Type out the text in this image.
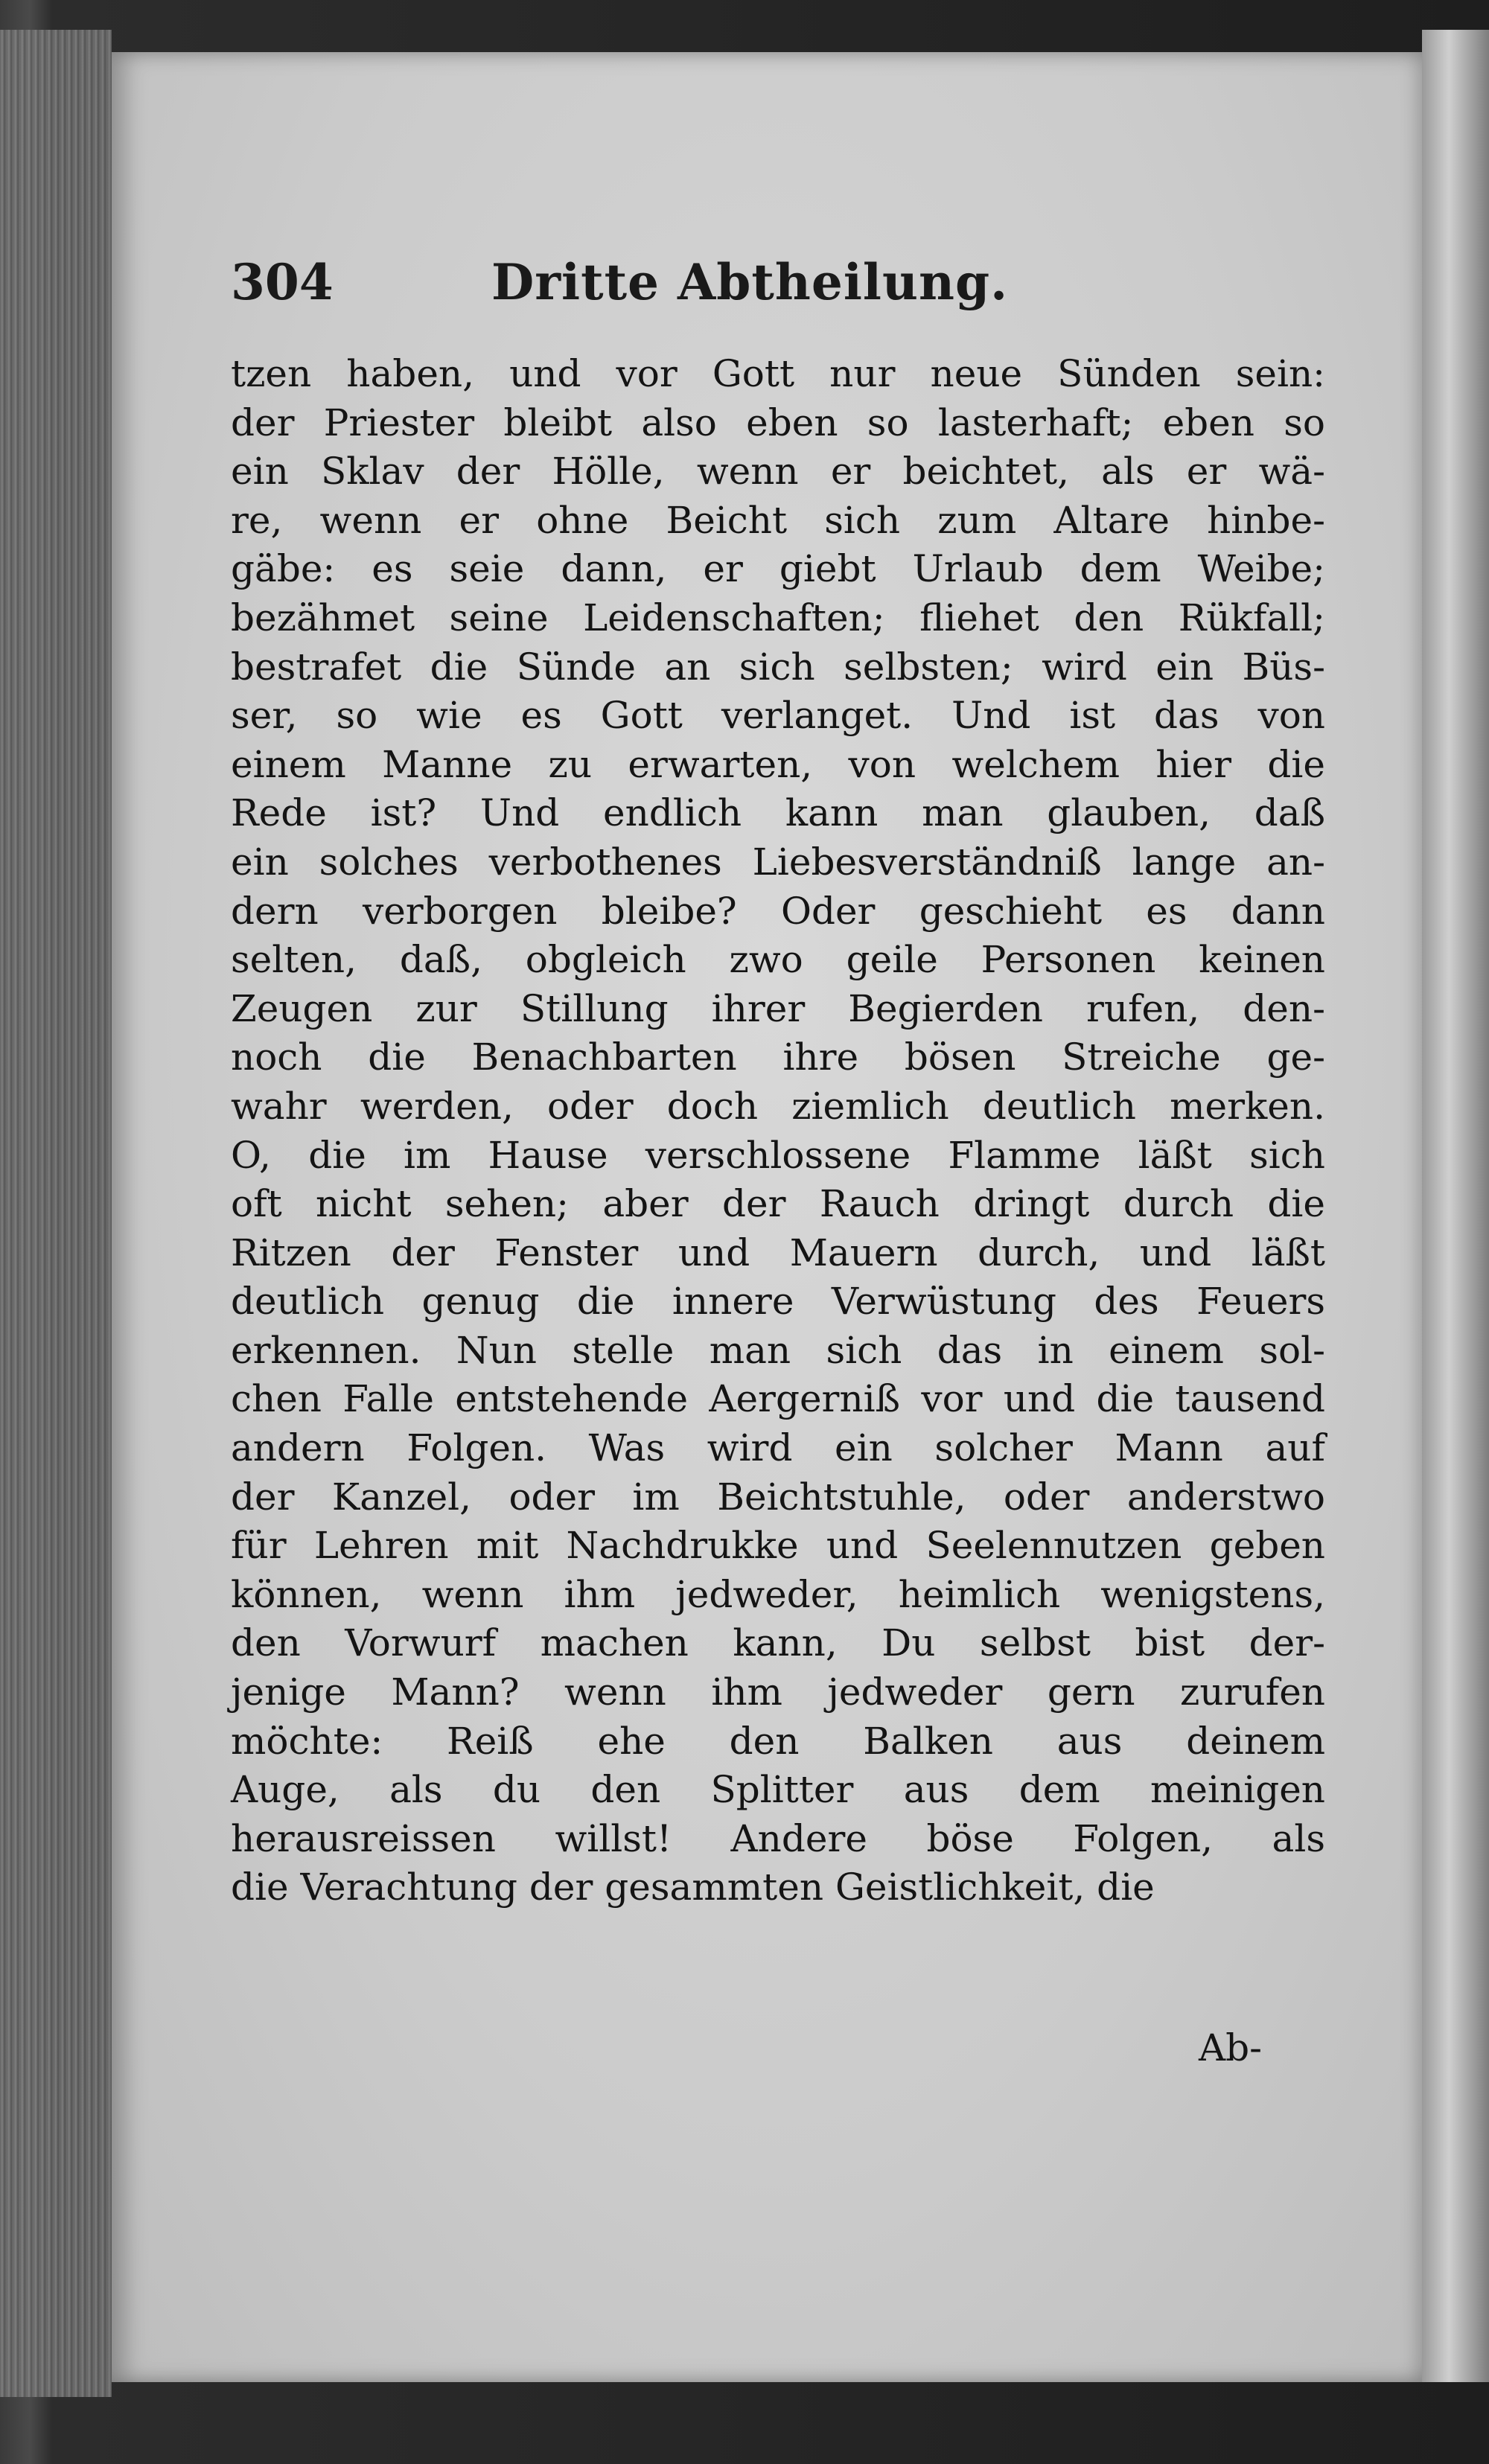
304	Dritte Abtheilung.
tzen haben, und vor Gott nur neue Sünden sein:
der Priester bleibt also eben so lasterhaft; eben so
ein Sklav der Hölle, wenn er beichtet, als er wä-
re, wenn er ohne Beicht sich zum Altare hinbe-
gäbe: es seie dann, er giebt Urlaub dem Weibe;
bezähmet seine Leidenschaften; fliehet den Rükfall;
bestrafet die Sünde an sich selbsten; wird ein Büs-
ser, so wie es Gott verlanget. Und ist das von
einem Manne zu erwarten, von welchem hier die
Rede ist? Und endlich kann man glauben, daß
ein solches verbothenes Liebesverständniß lange an-
dern verborgen bleibe? Oder geschieht es dann
selten, daß, obgleich zwo geile Personen keinen
Zeugen zur Stillung ihrer Begierden rufen, den-
noch die Benachbarten ihre bösen Streiche ge-
wahr werden, oder doch ziemlich deutlich merken.
O, die im Hause verschlossene Flamme läßt sich
oft nicht sehen; aber der Rauch dringt durch die
Ritzen der Fenster und Mauern durch, und läßt
deutlich genug die innere Verwüstung des Feuers
erkennen. Nun stelle man sich das in einem sol-
chen Falle entstehende Aergerniß vor und die tausend
andern Folgen. Was wird ein solcher Mann auf
der Kanzel, oder im Beichtstuhle, oder anderstwo
für Lehren mit Nachdrukke und Seelennutzen geben
können, wenn ihm jedweder, heimlich wenigstens,
den Vorwurf machen kann, Du selbst bist der-
jenige Mann? wenn ihm jedweder gern zurufen
möchte: Reiß ehe den Balken aus deinem
Auge, als du den Splitter aus dem meinigen
herausreissen willst! Andere böse Folgen, als
die Verachtung der gesammten Geistlichkeit, die
Ab-
